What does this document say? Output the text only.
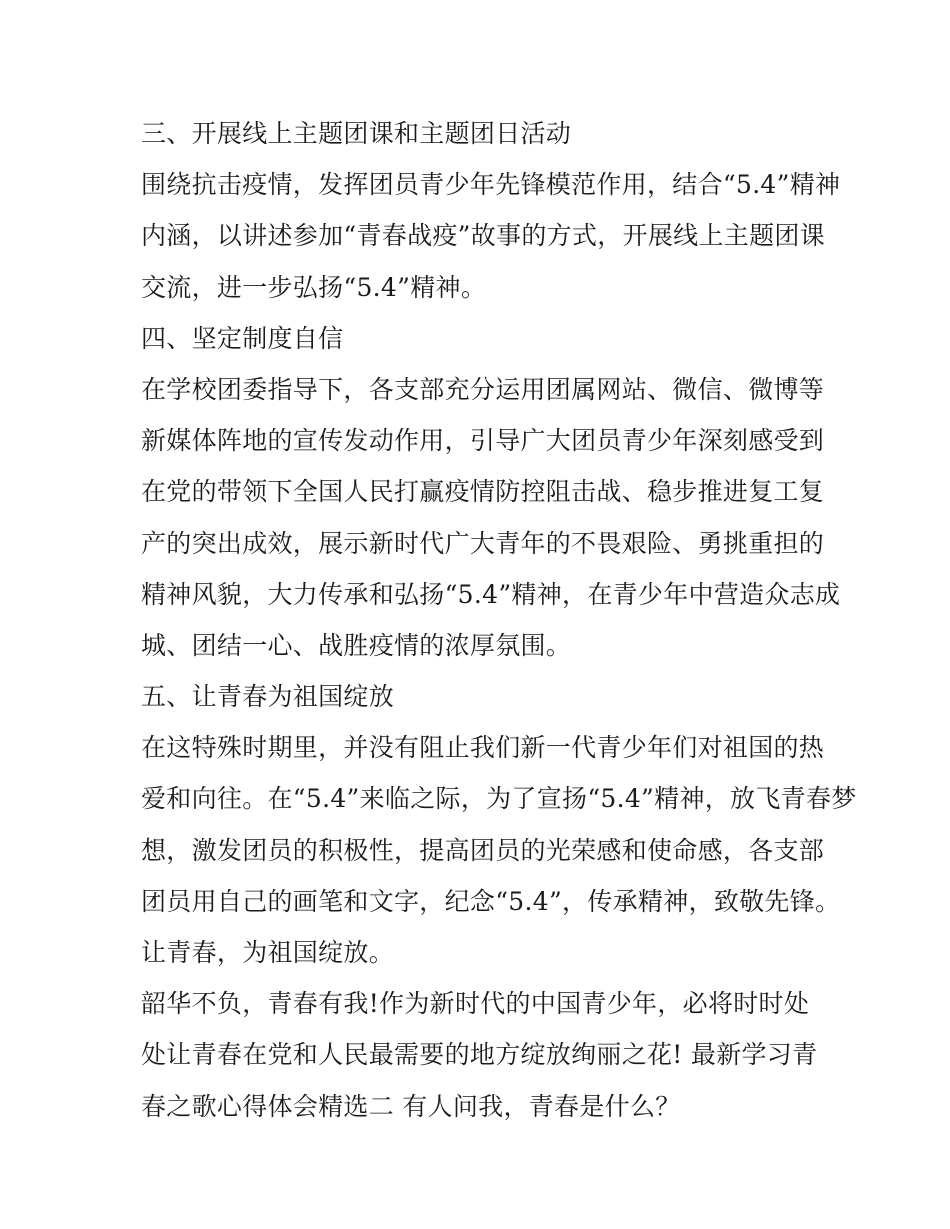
三、开展线上主题团课和主题团日活动
围绕抗击疫情，发挥团员青少年先锋模范作用，结合“5.4”精神
内涵，以讲述参加“青春战疫”故事的方式，开展线上主题团课
交流，进一步弘扬“5.4”精神。
四、坚定制度自信
在学校团委指导下，各支部充分运用团属网站、微信、微博等
新媒体阵地的宣传发动作用，引导广大团员青少年深刻感受到
在党的带领下全国人民打赢疫情防控阻击战、稳步推进复工复
产的突出成效，展示新时代广大青年的不畏艰险、勇挑重担的
精神风貌，大力传承和弘扬“5.4”精神，在青少年中营造众志成
城、团结一心、战胜疫情的浓厚氛围。
五、让青春为祖国绽放
在这特殊时期里，并没有阻止我们新一代青少年们对祖国的热
爱和向往。在“5.4”来临之际，为了宣扬“5.4”精神，放飞青春梦
想，激发团员的积极性，提高团员的光荣感和使命感，各支部
团员用自己的画笔和文字，纪念“5.4”，传承精神，致敬先锋。
让青春，为祖国绽放。
韶华不负，青春有我!作为新时代的中国青少年，必将时时处
处让青春在党和人民最需要的地方绽放绚丽之花! 最新学习青
春之歌心得体会精选二 有人问我，青春是什么？
